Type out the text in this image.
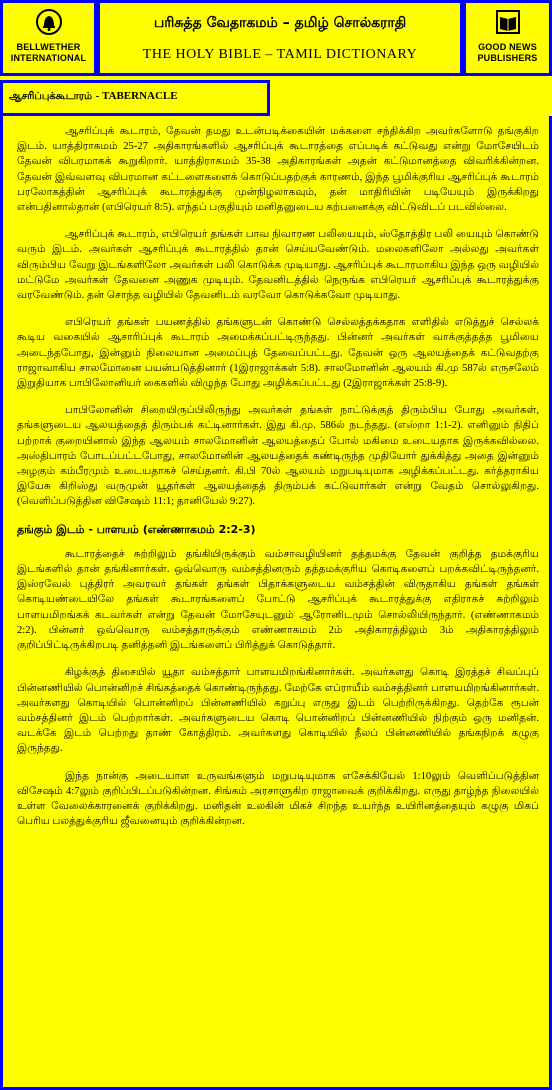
BELLWETHER
INTERNATIONAL
பரிசுத்த வேதாகமம் – தமிழ் சொல்கராதி
THE HOLY BIBLE – TAMIL DICTIONARY	GOOD NEWS
PUBLISHERS
ஆசரிப்புக்கூடாரம் - TABERNACLE

ஆசரிப்புக் கூடாரம், தேவன் தமது உடன்படிக்கையின் மக்களை சந்திக்கிற அவர்களோடு தங்குகிற இடம். யாத்திராகமம் 25-27 அதிகாரங்களில் ஆசரிப்புக் கூடாரத்தை எப்படிக் கட்டுவது என்று மோசேயிடம் தேவன் விபரமாகக் கூறுகிறார். யாத்திராகமம் 35-38 அதிகாரங்கள் அதன் கட்டுமானத்தை விவரிக்கின்றன. தேவன் இவ்வளவு விபரமான கட்டளைகளைக் கொடுப்பதற்குக் காரணம், இந்த பூமிக்குரிய ஆசரிப்புக் கூடாரம் பரலோகத்தின் ஆசரிப்புக் கூடாரத்துக்கு முன்நிழலாகவும், தன் மாதிரியின் படியேயும் இருக்கிறது என்பதினால்தான் (எபிரெயர் 8:5). எந்தப் பகுதியும் மனிதனுடைய கற்பனைக்கு விட்டுவிடப் படவில்லை.

ஆசரிப்புக் கூடாரம், எபிரெயர் தங்கள் பாவ நிவாரண பலியையும், ஸ்தோத்திர பலி யையும் கொண்டு வரும் இடம். அவர்கள் ஆசரிப்புக் கூடாரத்தில் தான் செய்யவேண்டும். மலைகளிலோ அல்லது அவர்கள் விரும்பிய வேறு இடங்களிலோ அவர்கள் பலி கொடுக்க முடியாது. ஆசரிப்புக் கூடாரமாகிய இந்த ஒரு வழியில் மட்டுமே அவர்கள் தேவனை அணுக முடியும். தேவனிடத்தில் நெருங்க எபிரெயர் ஆசரிப்புக் கூடாரத்துக்கு வரவேண்டும். தன் சொந்த வழியில் தேவனிடம் வரவோ கொடுக்கவோ முடியாது.

எபிரெயர் தங்கள் பயணத்தில் தங்களுடன் கொண்டு செல்லத்தக்கதாக எளிதில் எடுத்துச் செல்லக் கூடிய வகையில் ஆசாரிப்புக் கூடாரம் அமைக்கப்பட்டிருந்தது. பின்னர் அவர்கள் வாக்குத்தத்த பூமியை அடைந்தபோது, இன்னும் நிலையான அமைப்புத் தேவைப்பட்டது. தேவன் ஒரு ஆலயத்தைக் கட்டுவதற்கு ராஜாவாகிய சாலமோனை பயன்படுத்தினார் (1இராஜாக்கள் 5:8). சாலமோனின் ஆலயம் கி.மு 587ல் எருசலேம் இறுதியாக பாபிலோனியர் கைகளில் விழுந்த போது அழிக்கப்பட்டது (2இராஜாக்கள் 25:8-9).

பாபிலோனின் சிறையிருப்பிலிருந்து அவர்கள் தங்கள் நாட்டுக்குத் திரும்பிய போது அவர்கள், தங்களுடைய ஆலயத்தைத் திரும்பக் கட்டினார்கள். இது கி.மு. 586ல் நடந்தது. (எஸ்றா 1:1-2). எனினும் நிதிப் பற்றாக் குறையினால் இந்த ஆலயம் சாலமோனின் ஆலயத்தைப் போல் மகிமை உடையதாக இருக்கவில்லை. அஸ்திபாரம் போடப்பட்டபோது, சாலமோனின் ஆலயத்தைக் கண்டிருந்த முதியோர் துக்கித்து அதை இன்னும் அழகும் கம்பீரமும் உடையதாகச் செய்தனர். கி.பி 70ல் ஆலயம் மறுபடியுமாக அழிக்கப்பட்டது. கர்த்தராகிய இயேசு கிறிஸ்து வருமுன் யூதர்கள் ஆலயத்தைத் திரும்பக் கட்டுவார்கள் என்று வேதம் சொல்லுகிறது. (வெளிப்படுத்தின விசேஷம் 11:1; தானியேல் 9:27).

தங்கும் இடம் - பாளயம் (எண்ணாகமம் 2:2-3)

கூடாரத்தைச் சுற்றிலும் தங்கியிருக்கும் வம்சாவழியினர் தத்தமக்கு தேவன் குறித்த தமக்குரிய இடங்களில் தான் தங்கினார்கள். ஒவ்வொரு வம்சத்தினரும் தத்தமக்குரிய கொடிகளைப் பறக்கவிட்டிருந்தனர். இஸ்ரவேல் புத்திரர் அவரவர் தங்கள் தங்கள் பிதாக்களுடைய வம்சத்தின் விருதாகிய தங்கள் தங்கள் கொடியண்டையிலே தங்கள் கூடாரங்களைப் போட்டு ஆசரிப்புக் கூடாரத்துக்கு எதிராகச் சுற்றிலும் பாளயமிறங்கக் கடவர்கள் என்று தேவன் மோசேயுடனும் ஆரோனிடமும் சொல்லியிருந்தார். (எண்ணாகமம் 2:2). பின்னர் ஒவ்வொரு வம்சத்தாருக்கும் எண்ணாகமம் 2ம் அதிகாரத்திலும் 3ம் அதிகாரத்திலும் குறிப்பிட்டிருக்கிறபடி தனித்தனி இடங்களைப் பிரித்துக் கொடுத்தார்.

கிழக்குத் திசையில் யூதா வம்சத்தார் பாளயமிறங்கினார்கள். அவர்களது கொடி இரத்தச் சிவப்புப் பின்னணியில் பொன்னிறச் சிங்கத்தைக் கொண்டிருந்தது. மேற்கே எப்ராயீம் வம்சத்தினர் பாளயமிறங்கினார்கள். அவர்களது கொடியில் பொன்னிறப் பின்னணியில் கறுப்பு எருது இடம் பெற்றிருக்கிறது. தெற்கே ரூபன் வம்சத்தினர் இடம் பெற்றார்கள். அவர்களுடைய கொடி பொன்னிறப் பின்னணியில் நிற்கும் ஒரு மனிதன். வடக்கே இடம் பெற்றது தாண் கோத்திரம். அவர்களது கொடியில் நீலப் பின்னணியில் தங்கநிறக் கழுகு இருந்தது.

இந்த நான்கு அடையாள உருவங்களும் மறுபடியுமாக எசேக்கியேல் 1:10லும் வெளிப்படுத்தின விசேஷம் 4:7லும் குறிப்பிடப்படுகின்றன. சிங்கம் அரசாளுகிற ராஜாவைக் குறிக்கிறது. எருது தாழ்ந்த நிலையில் உள்ள வேலைக்காரனைக் குறிக்கிறது. மனிதன் உலகின் மிகச் சிறந்த உயர்ந்த உயிரினத்தையும் கழுகு மிகப் பெரிய பலத்துக்குரிய ஜீவனையும் குறிக்கின்றன.
